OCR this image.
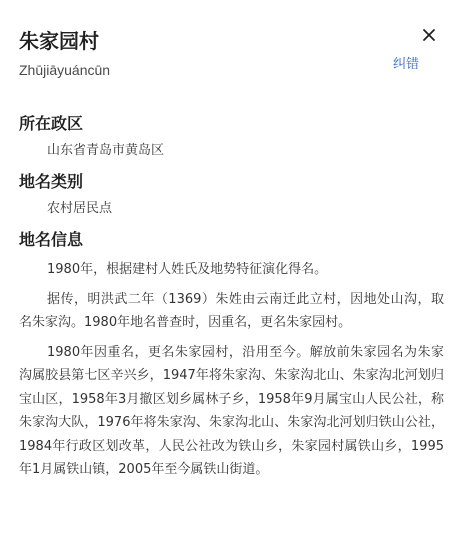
朱家园村
Zhūjiāyuáncūn	纠错
所在政区
山东省青岛市黄岛区
地名类别
农村居民点
地名信息

1980年，根据建村人姓氏及地势特征演化得名。

据传，明洪武二年（1369）朱姓由云南迁此立村，因地处山沟，取名朱家沟。1980年地名普查时，因重名，更名朱家园村。

1980年因重名，更名朱家园村，沿用至今。解放前朱家园名为朱家沟属胶县第七区辛兴乡，1947年将朱家沟、朱家沟北山、朱家沟北河划归宝山区，1958年3月撤区划乡属林子乡，1958年9月属宝山人民公社，称朱家沟大队，1976年将朱家沟、朱家沟北山、朱家沟北河划归铁山公社，1984年行政区划改革，人民公社改为铁山乡，朱家园村属铁山乡，1995年1月属铁山镇，2005年至今属铁山街道。
